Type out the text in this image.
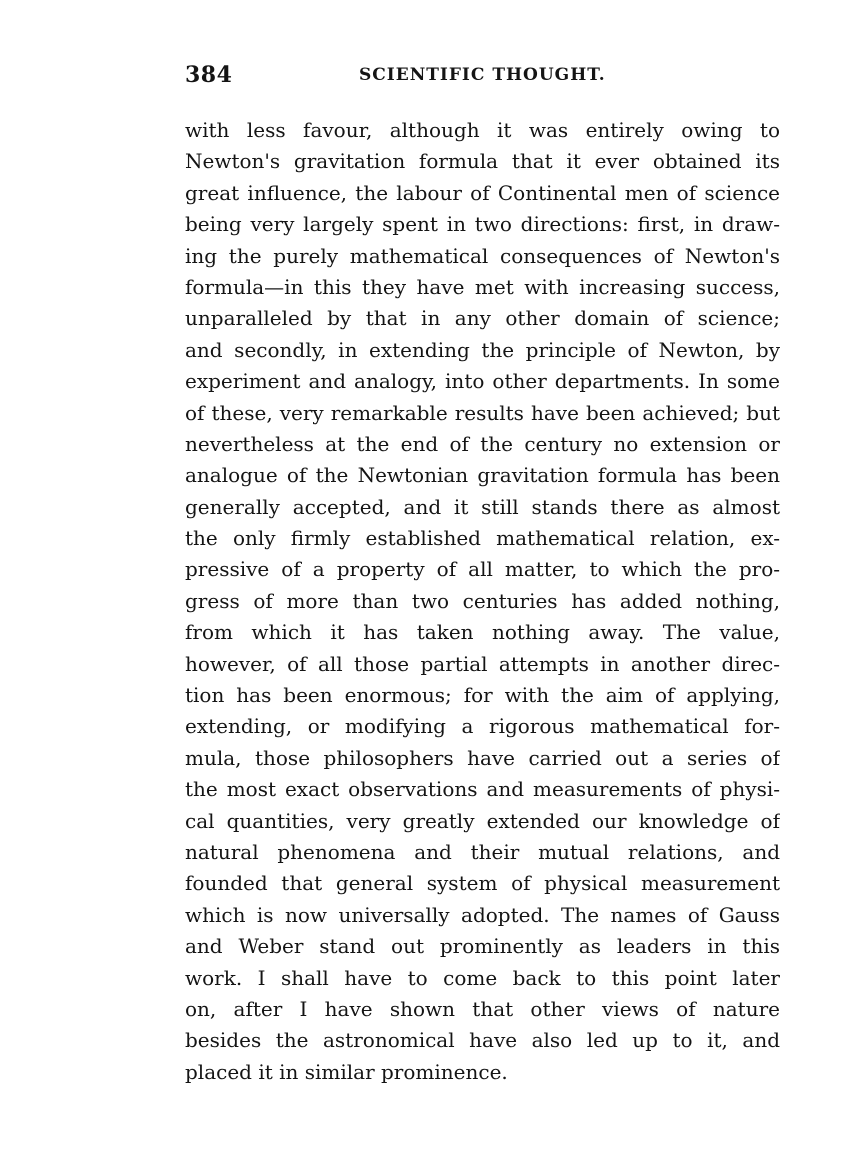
384	SCIENTIFIC THOUGHT.
with less favour, although it was entirely owing to
Newton's gravitation formula that it ever obtained its
great influence, the labour of Continental men of science
being very largely spent in two directions: first, in draw-
ing the purely mathematical consequences of Newton's
formula—in this they have met with increasing success,
unparalleled by that in any other domain of science;
and secondly, in extending the principle of Newton, by
experiment and analogy, into other departments. In some
of these, very remarkable results have been achieved; but
nevertheless at the end of the century no extension or
analogue of the Newtonian gravitation formula has been
generally accepted, and it still stands there as almost
the only firmly established mathematical relation, ex-
pressive of a property of all matter, to which the pro-
gress of more than two centuries has added nothing,
from which it has taken nothing away. The value,
however, of all those partial attempts in another direc-
tion has been enormous; for with the aim of applying,
extending, or modifying a rigorous mathematical for-
mula, those philosophers have carried out a series of
the most exact observations and measurements of physi-
cal quantities, very greatly extended our knowledge of
natural phenomena and their mutual relations, and
founded that general system of physical measurement
which is now universally adopted. The names of Gauss
and Weber stand out prominently as leaders in this
work. I shall have to come back to this point later
on, after I have shown that other views of nature
besides the astronomical have also led up to it, and
placed it in similar prominence.
